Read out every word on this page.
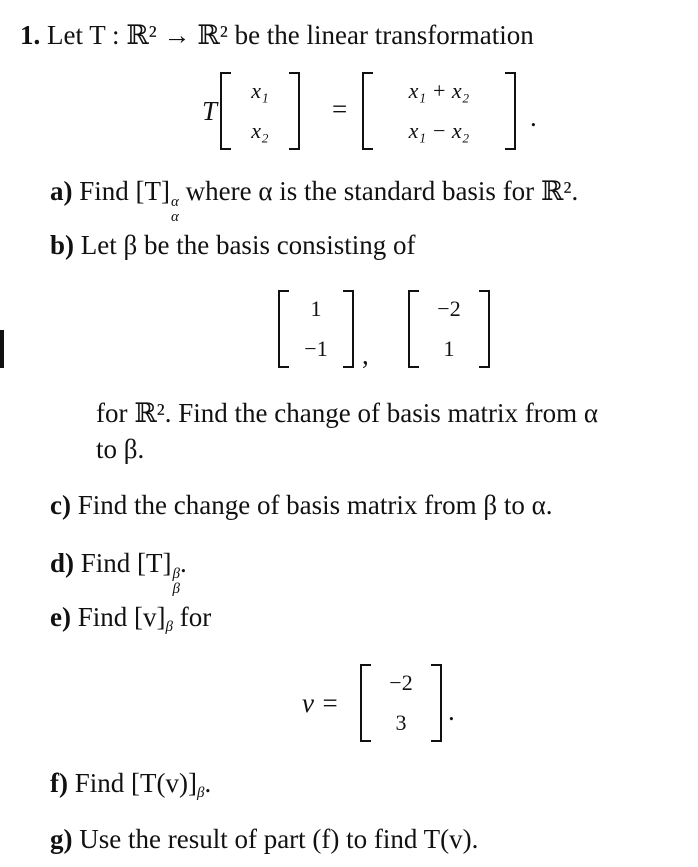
1. Let T : ℝ² → ℝ² be the linear transformation
T
x₁
x₂
=
x₁ + x₂
x₁ − x₂	.
a) Find [T] α
α
where α is the standard basis for ℝ².
b) Let β be the basis consisting of
1
−1	,
−2
1
for ℝ². Find the change of basis matrix from α
to β.
c) Find the change of basis matrix from β to α.
d) Find [T] β
β
.
e) Find $[v]_\beta$ for
v =
−2
3	.
f) Find $[T(v)]_\beta$.
g) Use the result of part (f) to find T(v).
